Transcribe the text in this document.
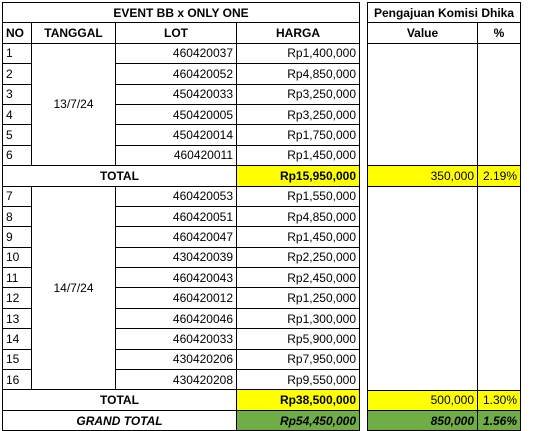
EVENT BB x ONLY ONE			
NO	TANGGAL	LOT	HARGA
1	13/7/24	460420037	Rp1,400,000
2		460420052	Rp4,850,000
3		450420033	Rp3,250,000
4		450420005	Rp3,250,000
5		450420014	Rp1,750,000
6		460420011	Rp1,450,000
TOTAL			Rp15,950,000
7	14/7/24	460420053	Rp1,550,000
8		460420051	Rp4,850,000
9		460420047	Rp1,450,000
10		430420039	Rp2,250,000
11		460420043	Rp2,450,000
12		460420012	Rp1,250,000
13		460420046	Rp1,300,000
14		460420033	Rp5,900,000
15		430420206	Rp7,950,000
16		430420208	Rp9,550,000
TOTAL			Rp38,500,000
GRAND TOTAL			Rp54,450,000
Pengajuan Komisi Dhika	
Value	%

350,000	2.19%

500,000	1.30%
850,000	1.56%
